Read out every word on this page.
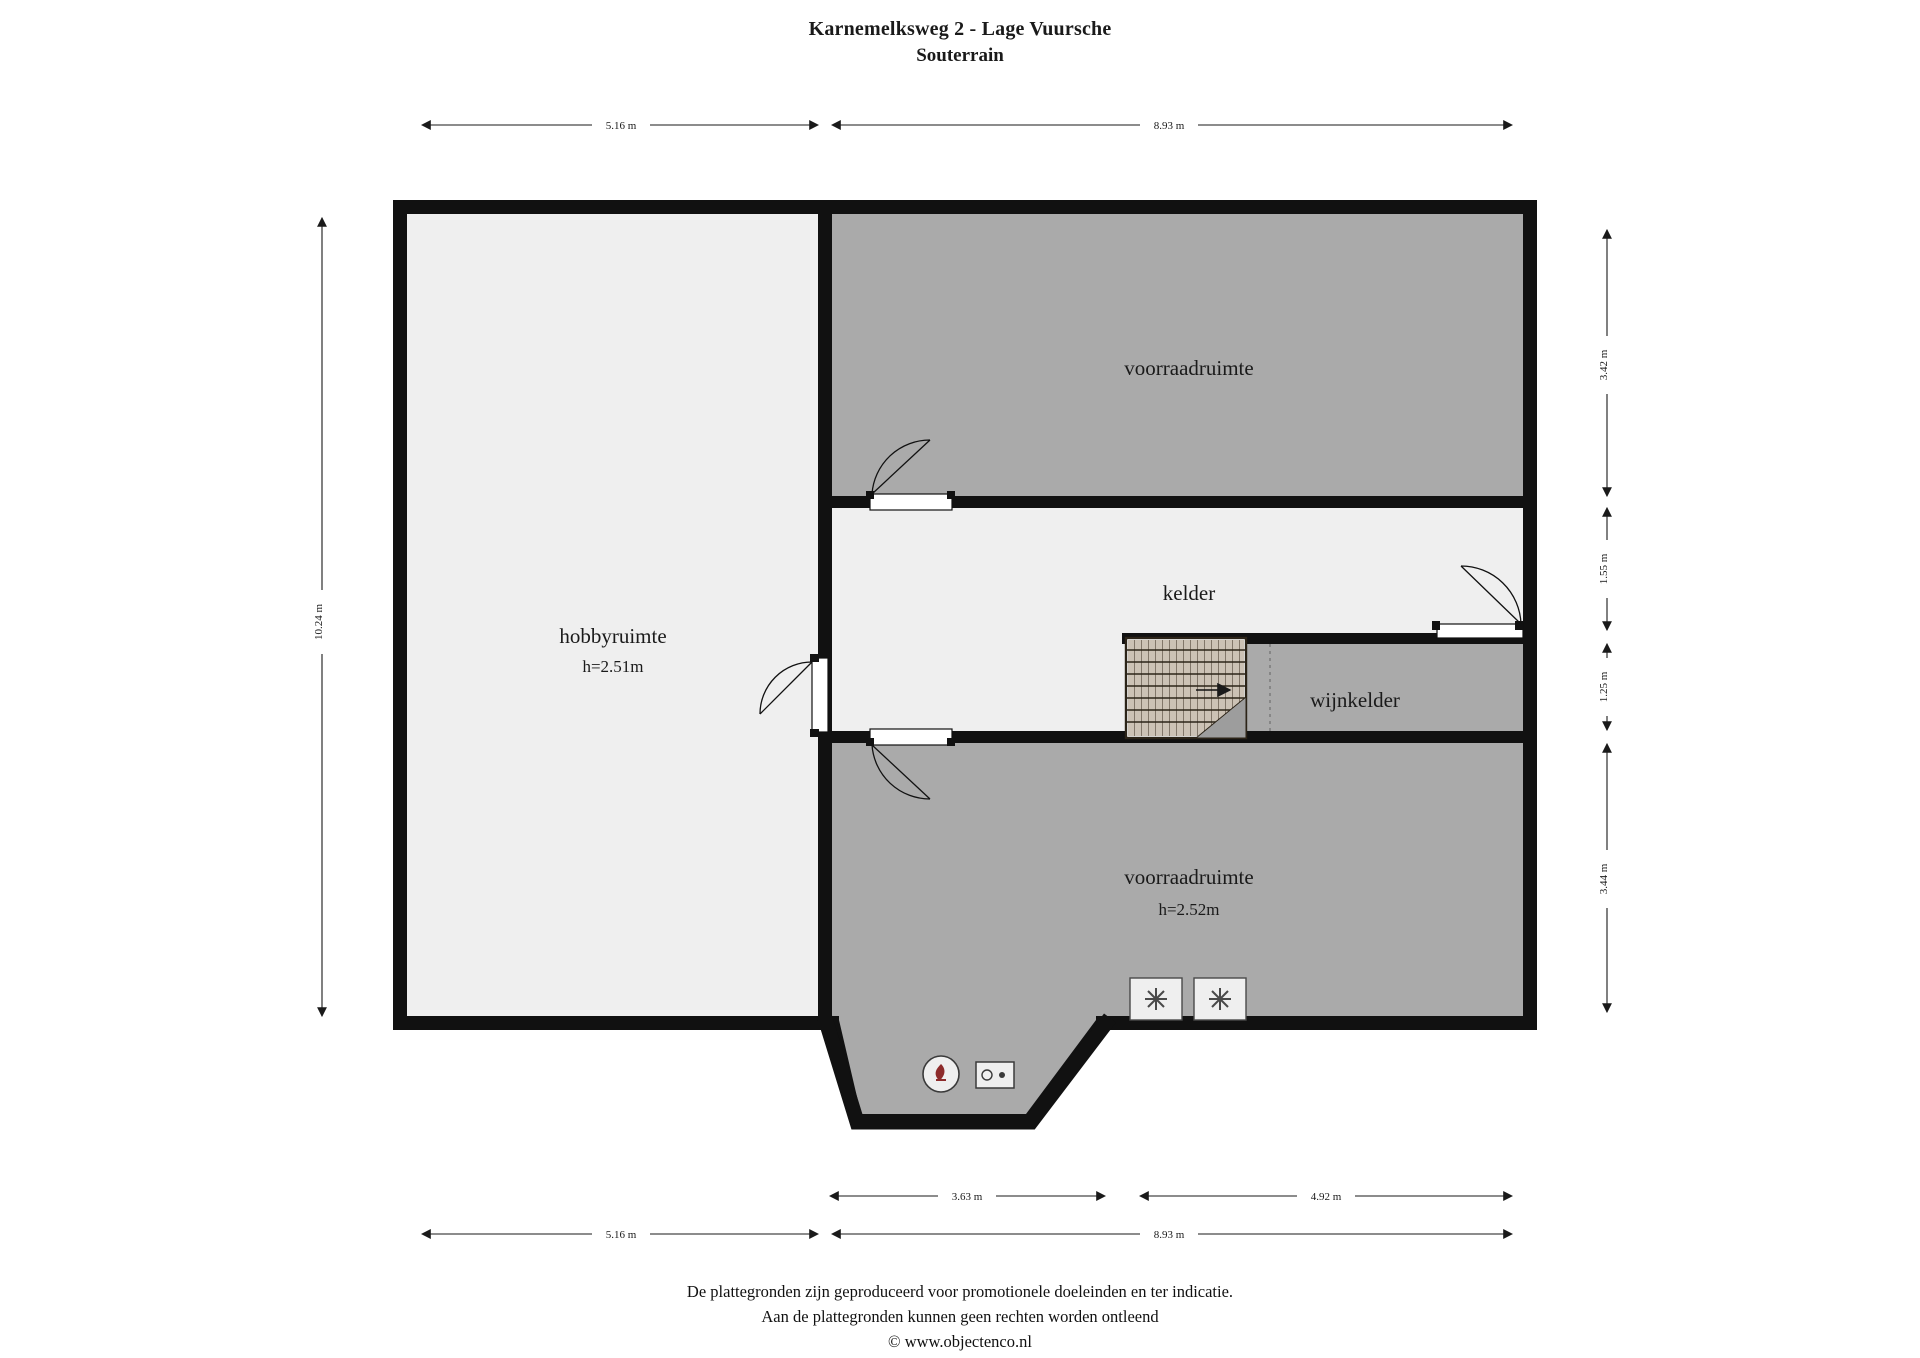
Karnemelksweg 2 - Lage Vuursche
Souterrain
hobbyruimte
h=2.51m
voorraadruimte
kelder
wijnkelder
voorraadruimte
h=2.52m
5.16 m	8.93 m
10.24 m
3.42 m
1.55 m
1.25 m
3.44 m
3.63 m	4.92 m
5.16 m	8.93 m
De plattegronden zijn geproduceerd voor promotionele doeleinden en ter indicatie.
Aan de plattegronden kunnen geen rechten worden ontleend
© www.objectenco.nl
